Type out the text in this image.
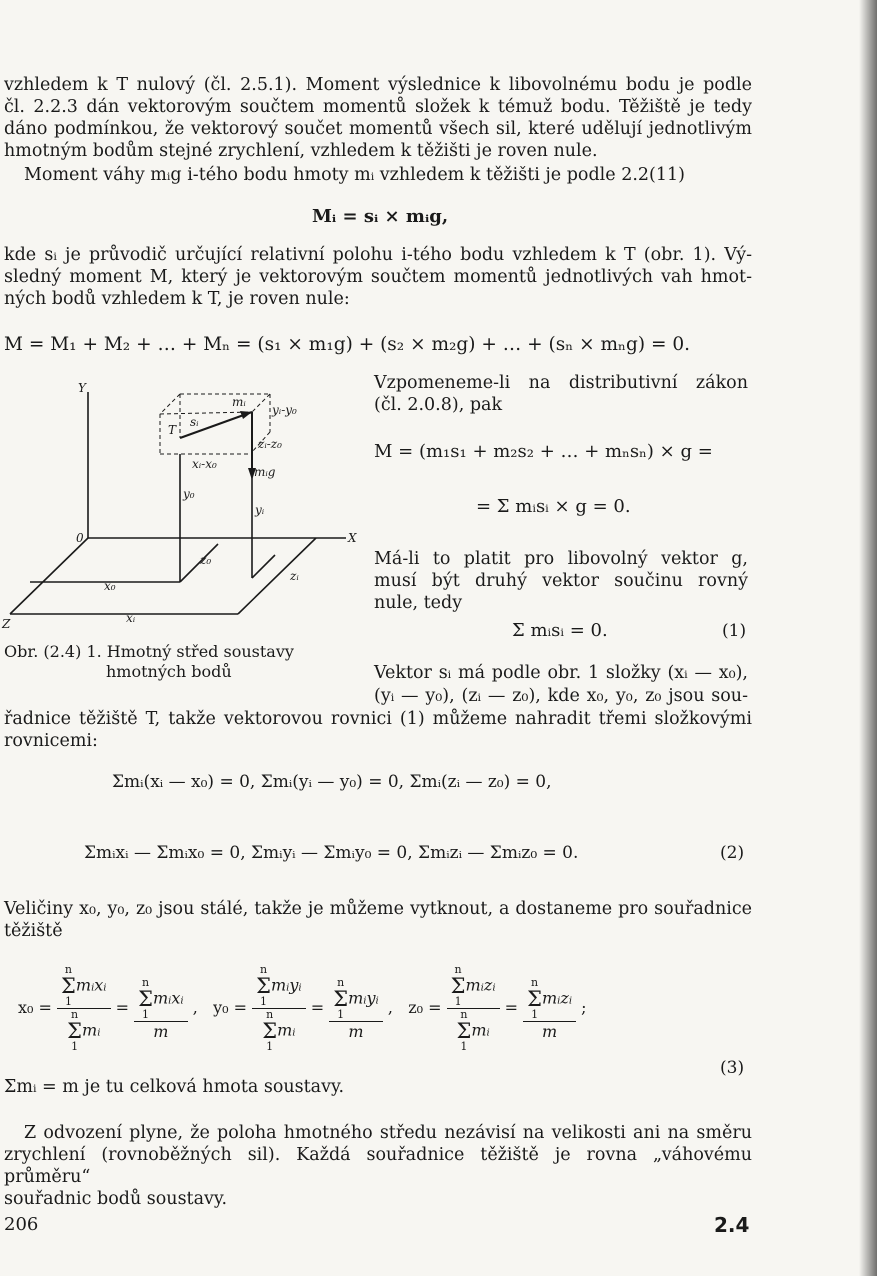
vzhledem k T nulový (čl. 2.5.1). Moment výslednice k libovolnému bodu je podle
čl. 2.2.3 dán vektorovým součtem momentů složek k témuž bodu. Těžiště je tedy
dáno podmínkou, že vektorový součet momentů všech sil, které udělují jednotlivým
hmotným bodům stejné zrychlení, vzhledem k těžišti je roven nule.
Moment váhy mᵢg i-tého bodu hmoty mᵢ vzhledem k těžišti je podle 2.2(11)
Mᵢ = sᵢ × mᵢg,
kde sᵢ je průvodič určující relativní polohu i-tého bodu vzhledem k T (obr. 1). Vý-
sledný moment M, který je vektorovým součtem momentů jednotlivých vah hmot-
ných bodů vzhledem k T, je roven nule:
M = M₁ + M₂ + … + Mₙ = (s₁ × m₁g) + (s₂ × m₂g) + … + (sₙ × mₙg) = 0.
Y
X
Z
0
T
mᵢ
sᵢ
yᵢ-y₀
zᵢ-z₀
xᵢ-x₀
mᵢg
y₀
yᵢ
z₀
zᵢ
x₀
xᵢ
Vzpomeneme-li na distributivní zákon
(čl. 2.0.8), pak
M = (m₁s₁ + m₂s₂ + … + mₙsₙ) × g =
= Σ mᵢsᵢ × g = 0.
Má-li to platit pro libovolný vektor g,
musí být druhý vektor součinu rovný
nule, tedy
Σ mᵢsᵢ = 0.	(1)
Obr. (2.4) 1. Hmotný střed soustavy
hmotných bodů	Vektor sᵢ má podle obr. 1 složky (xᵢ — x₀),
(yᵢ — y₀), (zᵢ — z₀), kde x₀, y₀, z₀ jsou sou-
řadnice těžiště T, takže vektorovou rovnici (1) můžeme nahradit třemi složkovými
rovnicemi:
Σmᵢ(xᵢ — x₀) = 0, Σmᵢ(yᵢ — y₀) = 0, Σmᵢ(zᵢ — z₀) = 0,
Σmᵢxᵢ — Σmᵢx₀ = 0, Σmᵢyᵢ — Σmᵢy₀ = 0, Σmᵢzᵢ — Σmᵢz₀ = 0.	(2)
Veličiny x₀, y₀, z₀ jsou stálé, takže je můžeme vytknout, a dostaneme pro souřadnice
těžiště
x₀ = n
Σ
1mᵢxᵢ
n
Σ
1mᵢ = n
Σ
1mᵢxᵢ
m , y₀ = n
Σ
1mᵢyᵢ
n
Σ
1mᵢ = n
Σ
1mᵢyᵢ
m , z₀ = n
Σ
1mᵢzᵢ
n
Σ
1mᵢ = n
Σ
1mᵢzᵢ
m ;
(3)
Σmᵢ = m je tu celková hmota soustavy.
Z odvození plyne, že poloha hmotného středu nezávisí na velikosti ani na směru
zrychlení (rovnoběžných sil). Každá souřadnice těžiště je rovna „váhovému průměru“
souřadnic bodů soustavy.
206	2.4
